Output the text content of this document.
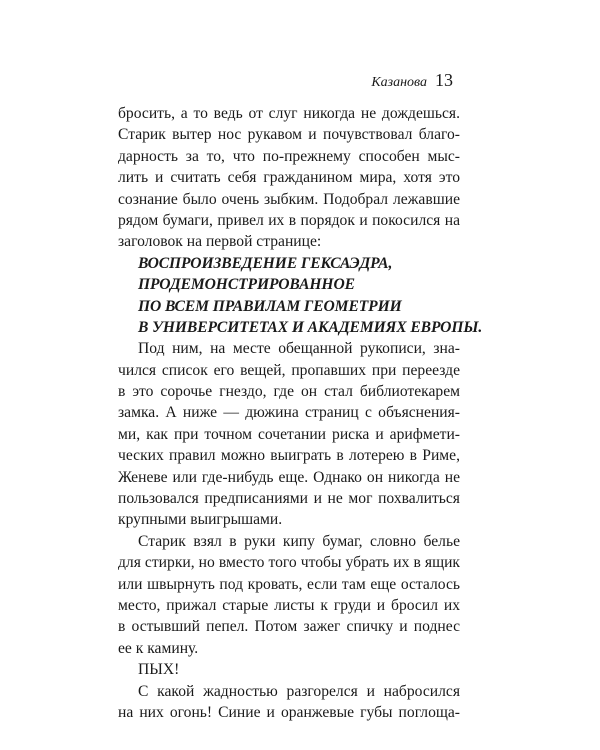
Казанова 13
бросить, а то ведь от слуг никогда не дождешься.
Старик вытер нос рукавом и почувствовал благо-
дарность за то, что по-прежнему способен мыс-
лить и считать себя гражданином мира, хотя это
сознание было очень зыбким. Подобрал лежавшие
рядом бумаги, привел их в порядок и покосился на
заголовок на первой странице:
ВОСПРОИЗВЕДЕНИЕ ГЕКСАЭДРА,
ПРОДЕМОНСТРИРОВАННОЕ
ПО ВСЕМ ПРАВИЛАМ ГЕОМЕТРИИ
В УНИВЕРСИТЕТАХ И АКАДЕМИЯХ ЕВРОПЫ.
Под ним, на месте обещанной рукописи, зна-
чился список его вещей, пропавших при переезде
в это сорочье гнездо, где он стал библиотекарем
замка. А ниже — дюжина страниц с объяснения-
ми, как при точном сочетании риска и арифмети-
ческих правил можно выиграть в лотерею в Риме,
Женеве или где-нибудь еще. Однако он никогда не
пользовался предписаниями и не мог похвалиться
крупными выигрышами.
Старик взял в руки кипу бумаг, словно белье
для стирки, но вместо того чтобы убрать их в ящик
или швырнуть под кровать, если там еще осталось
место, прижал старые листы к груди и бросил их
в остывший пепел. Потом зажег спичку и поднес
ее к камину.
ПЫХ!
С какой жадностью разгорелся и набросился
на них огонь! Синие и оранжевые губы поглоща-
